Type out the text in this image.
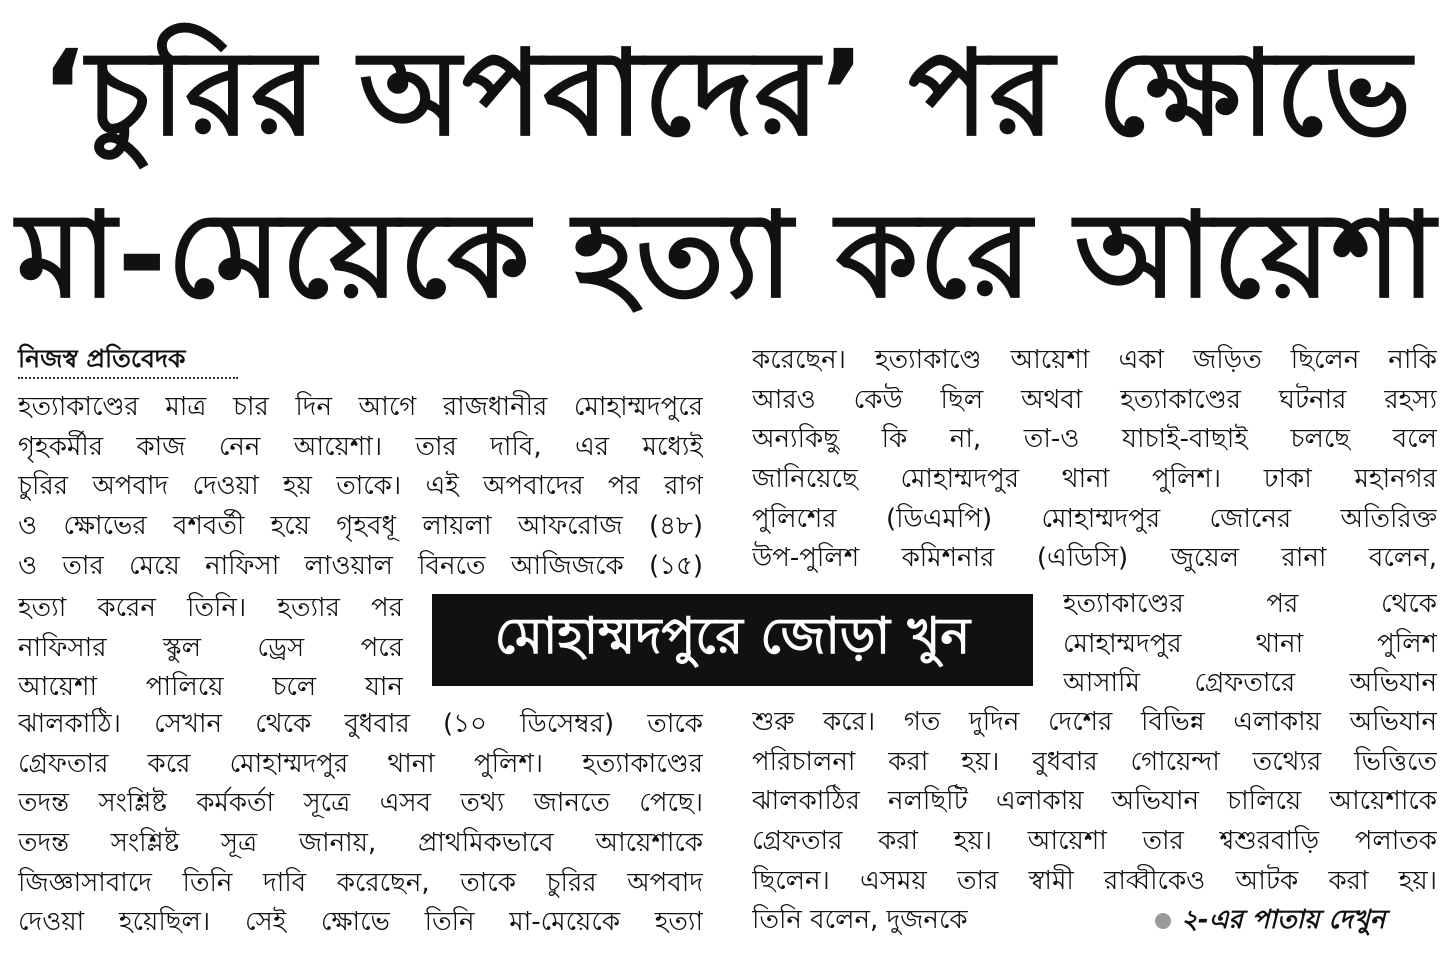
‘চুরির অপবাদের’ পর ক্ষোভে
মা-মেয়েকে হত্যা করে আয়েশা
নিজস্ব প্রতিবেদক
হত্যাকাণ্ডের মাত্র চার দিন আগে রাজধানীর মোহাম্মদপুরে
গৃহকর্মীর কাজ নেন আয়েশা। তার দাবি, এর মধ্যেই
চুরির অপবাদ দেওয়া হয় তাকে। এই অপবাদের পর রাগ
ও ক্ষোভের বশবর্তী হয়ে গৃহবধূ লায়লা আফরোজ (৪৮)
ও তার মেয়ে নাফিসা লাওয়াল বিনতে আজিজকে (১৫)
হত্যা করেন তিনি। হত্যার পর
নাফিসার স্কুল ড্রেস পরে
আয়েশা পালিয়ে চলে যান
ঝালকাঠি। সেখান থেকে বুধবার (১০ ডিসেম্বর) তাকে
গ্রেফতার করে মোহাম্মদপুর থানা পুলিশ। হত্যাকাণ্ডের
তদন্ত সংশ্লিষ্ট কর্মকর্তা সূত্রে এসব তথ্য জানতে পেছে।
তদন্ত সংশ্লিষ্ট সূত্র জানায়, প্রাথমিকভাবে আয়েশাকে
জিজ্ঞাসাবাদে তিনি দাবি করেছেন, তাকে চুরির অপবাদ
দেওয়া হয়েছিল। সেই ক্ষোভে তিনি মা-মেয়েকে হত্যা
করেছেন। হত্যাকাণ্ডে আয়েশা একা জড়িত ছিলেন নাকি
আরও কেউ ছিল অথবা হত্যাকাণ্ডের ঘটনার রহস্য
অন্যকিছু কি না, তা-ও যাচাই-বাছাই চলছে বলে
জানিয়েছে মোহাম্মদপুর থানা পুলিশ। ঢাকা মহানগর
পুলিশের (ডিএমপি) মোহাম্মদপুর জোনের অতিরিক্ত
উপ-পুলিশ কমিশনার (এডিসি) জুয়েল রানা বলেন,
হত্যাকাণ্ডের পর থেকে
মোহাম্মদপুর থানা পুলিশ
আসামি গ্রেফতারে অভিযান
শুরু করে। গত দুদিন দেশের বিভিন্ন এলাকায় অভিযান
পরিচালনা করা হয়। বুধবার গোয়েন্দা তথ্যের ভিত্তিতে
ঝালকাঠির নলছিটি এলাকায় অভিযান চালিয়ে আয়েশাকে
গ্রেফতার করা হয়। আয়েশা তার শ্বশুরবাড়ি পলাতক
ছিলেন। এসময় তার স্বামী রাব্বীকেও আটক করা হয়।
তিনি বলেন, দুজনকে
মোহাম্মদপুরে জোড়া খুন
২-এর পাতায় দেখুন
